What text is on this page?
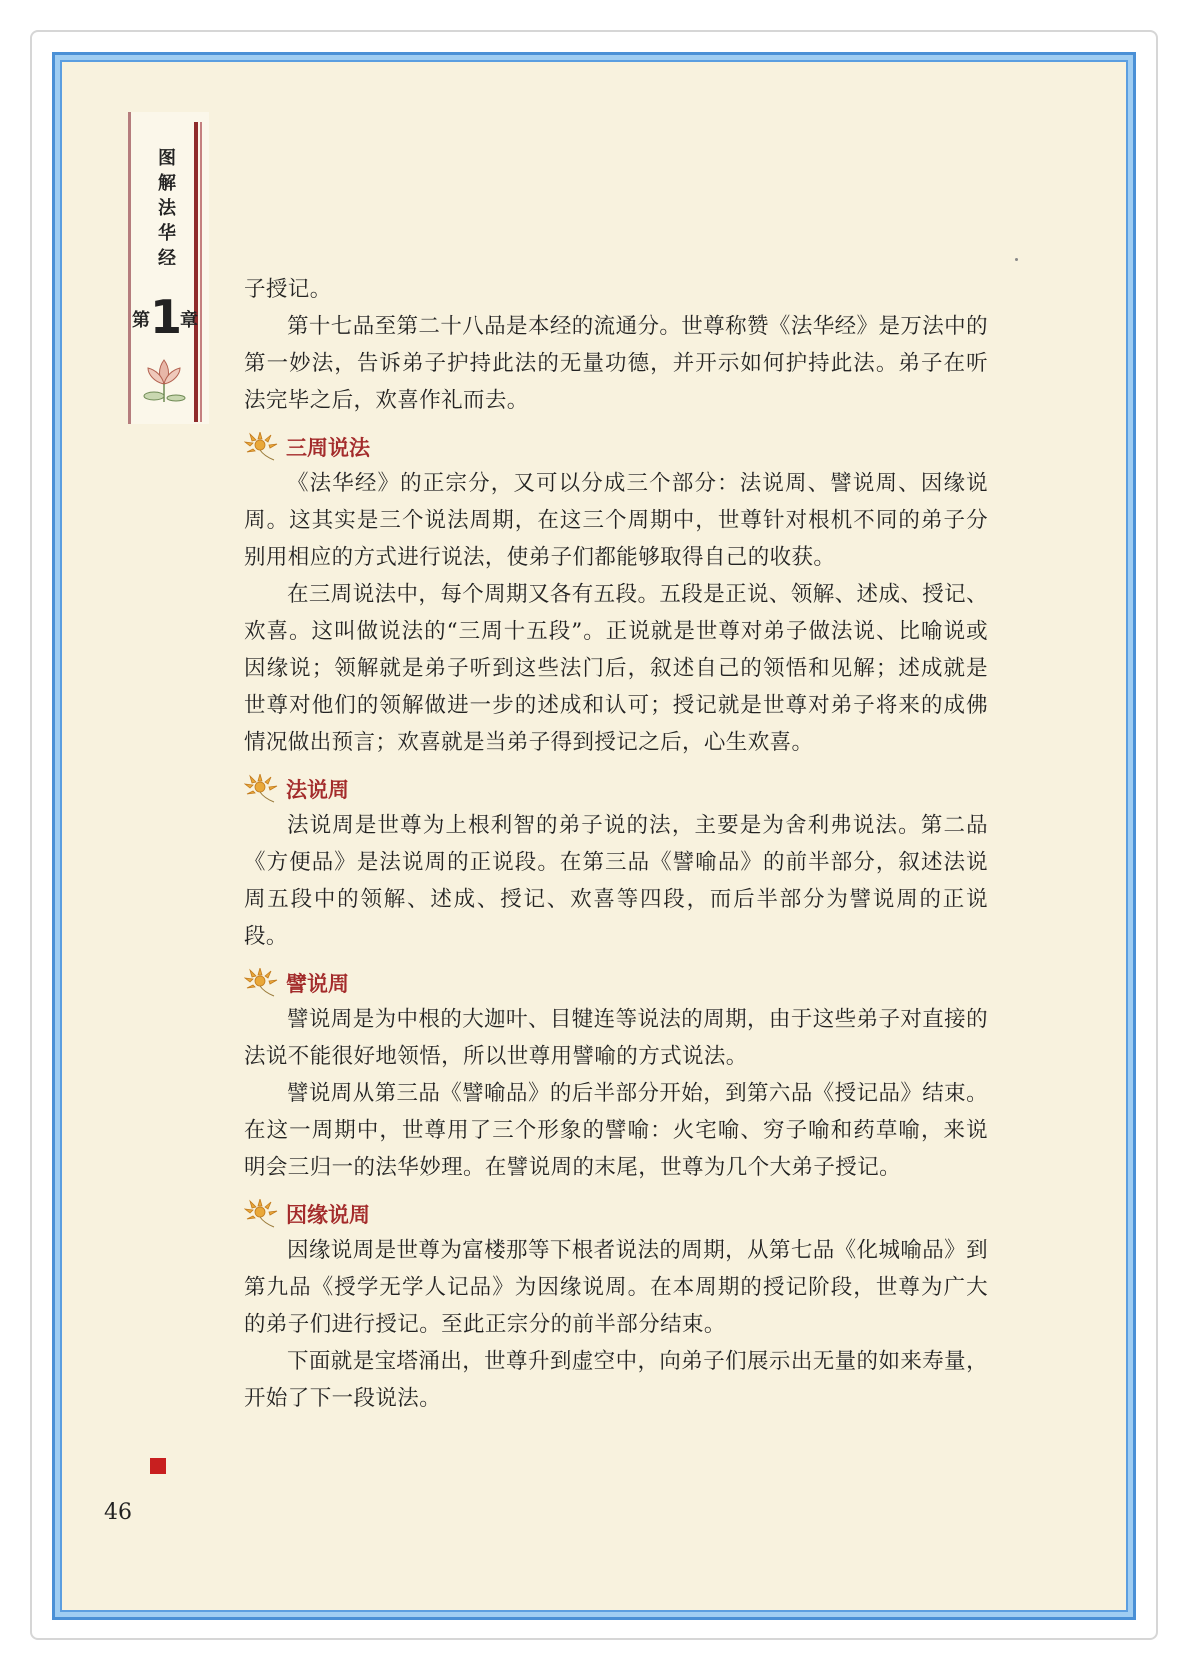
图
解
法
华
经
第 1
章

子授记。

第十七品至第二十八品是本经的流通分。世尊称赞《法华经》是万法中的第一妙法，告诉弟子护持此法的无量功德，并开示如何护持此法。弟子在听法完毕之后，欢喜作礼而去。

三周说法

《法华经》的正宗分，又可以分成三个部分：法说周、譬说周、因缘说周。这其实是三个说法周期，在这三个周期中，世尊针对根机不同的弟子分别用相应的方式进行说法，使弟子们都能够取得自己的收获。

在三周说法中，每个周期又各有五段。五段是正说、领解、述成、授记、欢喜。这叫做说法的“三周十五段”。正说就是世尊对弟子做法说、比喻说或因缘说；领解就是弟子听到这些法门后，叙述自己的领悟和见解；述成就是世尊对他们的领解做进一步的述成和认可；授记就是世尊对弟子将来的成佛情况做出预言；欢喜就是当弟子得到授记之后，心生欢喜。

法说周

法说周是世尊为上根利智的弟子说的法，主要是为舍利弗说法。第二品《方便品》是法说周的正说段。在第三品《譬喻品》的前半部分，叙述法说周五段中的领解、述成、授记、欢喜等四段，而后半部分为譬说周的正说段。

譬说周

譬说周是为中根的大迦叶、目犍连等说法的周期，由于这些弟子对直接的法说不能很好地领悟，所以世尊用譬喻的方式说法。

譬说周从第三品《譬喻品》的后半部分开始，到第六品《授记品》结束。在这一周期中，世尊用了三个形象的譬喻：火宅喻、穷子喻和药草喻，来说明会三归一的法华妙理。在譬说周的末尾，世尊为几个大弟子授记。

因缘说周

因缘说周是世尊为富楼那等下根者说法的周期，从第七品《化城喻品》到第九品《授学无学人记品》为因缘说周。在本周期的授记阶段，世尊为广大的弟子们进行授记。至此正宗分的前半部分结束。

下面就是宝塔涌出，世尊升到虚空中，向弟子们展示出无量的如来寿量，开始了下一段说法。

46
